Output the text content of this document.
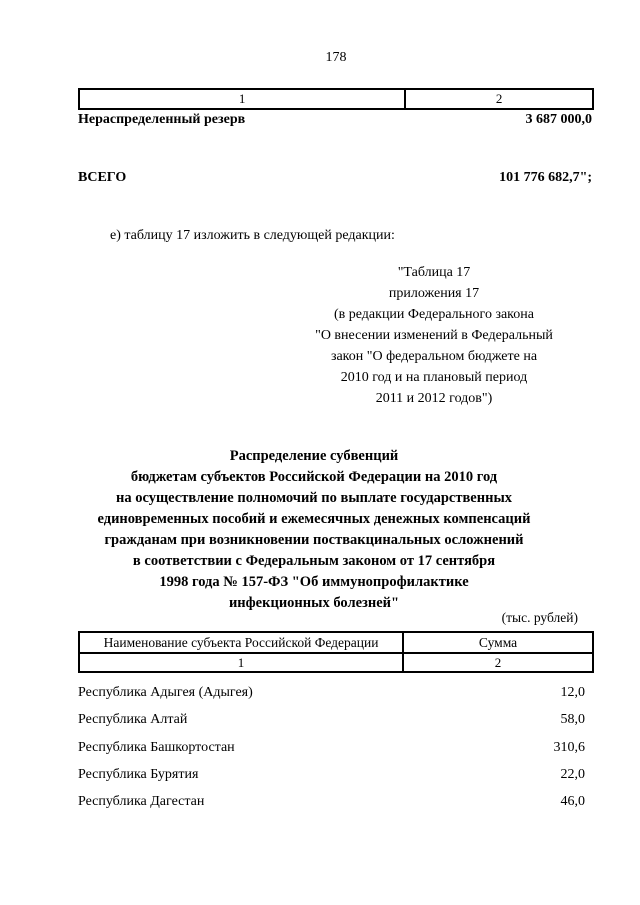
178
1	2
Нераспределенный резерв	3 687 000,0
ВСЕГО	101 776 682,7";
е) таблицу 17 изложить в следующей редакции:
"Таблица 17
приложения 17
(в редакции Федерального закона
"О внесении изменений в Федеральный
закон "О федеральном бюджете на
2010 год и на плановый период
2011 и 2012 годов")
Распределение субвенций
бюджетам субъектов Российской Федерации на 2010 год
на осуществление полномочий по выплате государственных
единовременных пособий и ежемесячных денежных компенсаций
гражданам при возникновении поствакцинальных осложнений
в соответствии с Федеральным законом от 17 сентября
1998 года № 157-ФЗ "Об иммунопрофилактике
инфекционных болезней"
(тыс. рублей)
Наименование субъекта Российской Федерации	Сумма
1	2
Республика Адыгея (Адыгея)	12,0
Республика Алтай	58,0
Республика Башкортостан	310,6
Республика Бурятия	22,0
Республика Дагестан	46,0
